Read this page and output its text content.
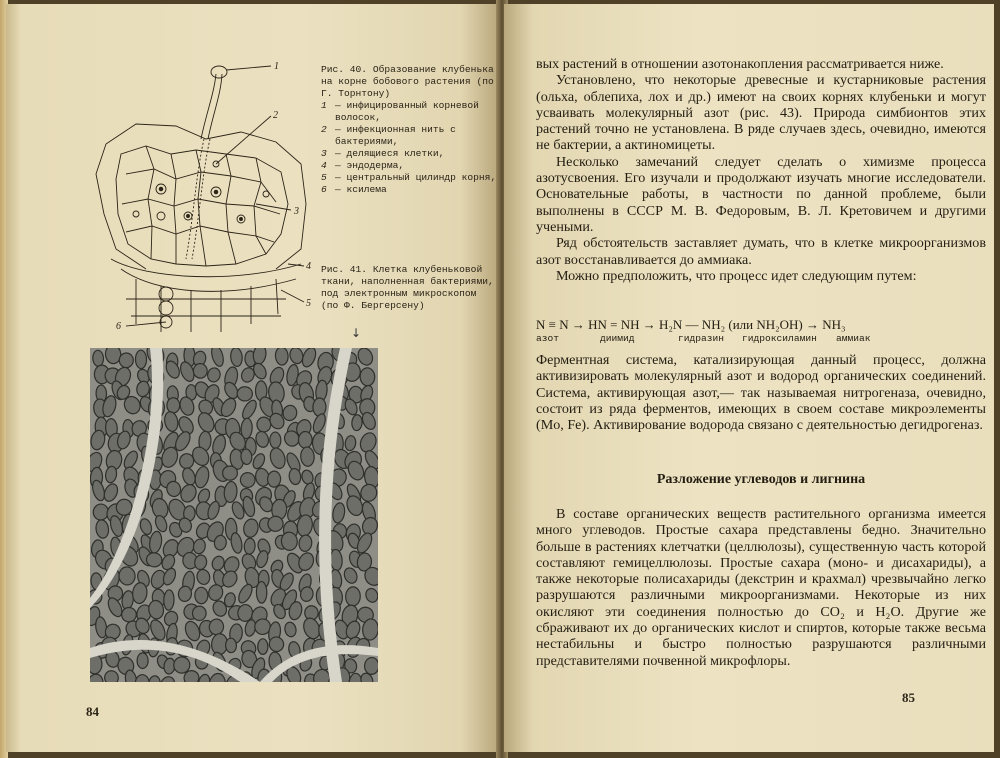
1
2
3
4
5
6
Рис. 40. Образование клубенька на корне бобового растения (по Г. Торнтону)
1 — инфицированный корневой волосок,
2 — инфекционная нить с бактериями,
3 — делящиеся клетки,
4 — эндодерма,
5 — центральный цилиндр корня,
6 — ксилема
Рис. 41. Клетка клубеньковой ткани, наполненная бактериями, под электронным микроскопом (по Ф. Бергерсену)
↓
84

вых растений в отношении азотонакопления рассматривается ниже.

Установлено, что некоторые древесные и кустарниковые растения (ольха, облепиха, лох и др.) имеют на своих корнях клубеньки и могут усваивать молекулярный азот (рис. 43). Природа симбионтов этих растений точно не установлена. В ряде случаев здесь, очевидно, имеются не бактерии, а актиномицеты.

Несколько замечаний следует сделать о химизме процесса азотусвоения. Его изучали и продолжают изучать многие исследователи. Основательные работы, в частности по данной проблеме, были выполнены в СССР М. В. Федоровым, В. Л. Кретовичем и другими учеными.

Ряд обстоятельств заставляет думать, что в клетке микроорганизмов азот восстанавливается до аммиака.

Можно предположить, что процесс идет следующим путем:

N ≡ N → HN = NH → H₂N — NH₂ (или NH₂OH) → NH₃
азот	диимид	гидразин гидроксиламин аммиак

Ферментная система, катализирующая данный процесс, должна активизировать молекулярный азот и водород органических соединений. Система, активирующая азот,— так называемая нитрогеназа, очевидно, состоит из ряда ферментов, имеющих в своем составе микроэлементы (Mo, Fe). Активирование водорода связано с деятельностью дегидрогеназ.

Разложение углеводов и лигнина

В составе органических веществ растительного организма имеется много углеводов. Простые сахара представлены бедно. Значительно больше в растениях клетчатки (целлюлозы), существенную часть которой составляют гемицеллюлозы. Простые сахара (моно- и дисахариды), а также некоторые полисахариды (декстрин и крахмал) чрезвычайно легко разрушаются различными микроорганизмами. Некоторые из них окисляют эти соединения полностью до CO₂ и H₂O. Другие же сбраживают их до органических кислот и спиртов, которые также весьма нестабильны и быстро полностью разрушаются различными представителями почвенной микрофлоры.

85
